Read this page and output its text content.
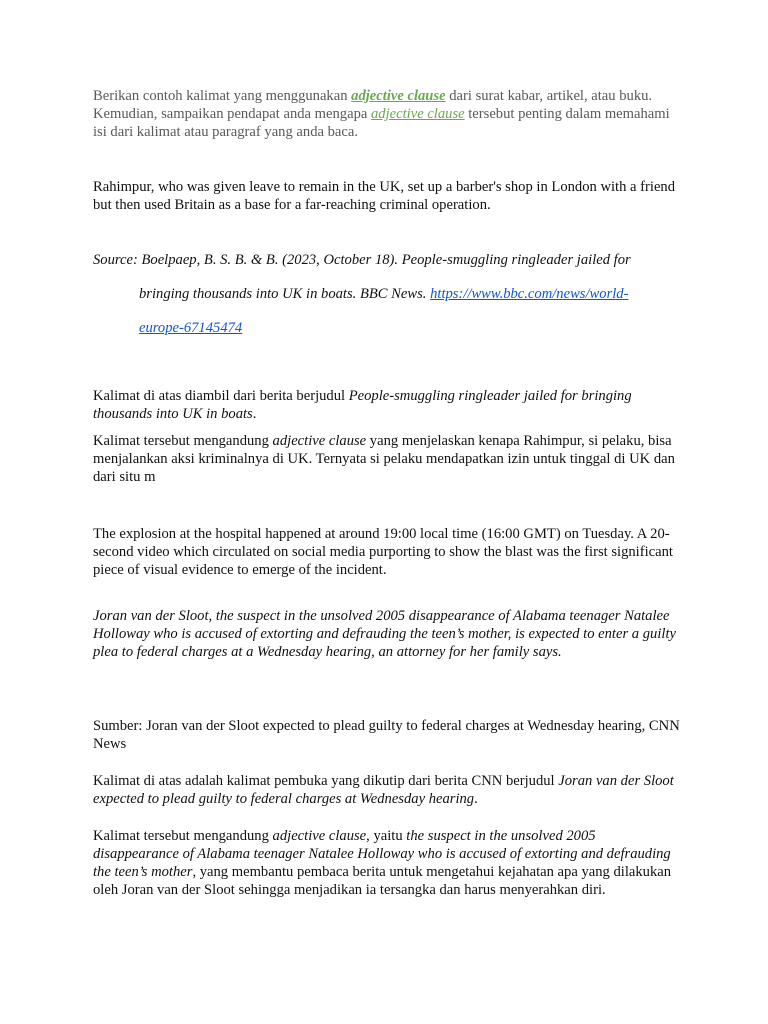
Berikan contoh kalimat yang menggunakan adjective clause dari surat kabar, artikel, atau buku. Kemudian, sampaikan pendapat anda mengapa adjective clause tersebut penting dalam memahami isi dari kalimat atau paragraf yang anda baca.

Rahimpur, who was given leave to remain in the UK, set up a barber's shop in London with a friend but then used Britain as a base for a far-reaching criminal operation.

Source: Boelpaep, B. S. B. & B. (2023, October 18). People-smuggling ringleader jailed for
bringing thousands into UK in boats. BBC News. https://www.bbc.com/news/world-
europe-67145474

Kalimat di atas diambil dari berita berjudul People-smuggling ringleader jailed for bringing thousands into UK in boats.

Kalimat tersebut mengandung adjective clause yang menjelaskan kenapa Rahimpur, si pelaku, bisa menjalankan aksi kriminalnya di UK. Ternyata si pelaku mendapatkan izin untuk tinggal di UK dan dari situ m

The explosion at the hospital happened at around 19:00 local time (16:00 GMT) on Tuesday. A 20-second video which circulated on social media purporting to show the blast was the first significant piece of visual evidence to emerge of the incident.

Joran van der Sloot, the suspect in the unsolved 2005 disappearance of Alabama teenager Natalee Holloway who is accused of extorting and defrauding the teen’s mother, is expected to enter a guilty plea to federal charges at a Wednesday hearing, an attorney for her family says.

Sumber: Joran van der Sloot expected to plead guilty to federal charges at Wednesday hearing, CNN News

Kalimat di atas adalah kalimat pembuka yang dikutip dari berita CNN berjudul Joran van der Sloot expected to plead guilty to federal charges at Wednesday hearing.

Kalimat tersebut mengandung adjective clause, yaitu the suspect in the unsolved 2005 disappearance of Alabama teenager Natalee Holloway who is accused of extorting and defrauding the teen’s mother, yang membantu pembaca berita untuk mengetahui kejahatan apa yang dilakukan oleh Joran van der Sloot sehingga menjadikan ia tersangka dan harus menyerahkan diri.
